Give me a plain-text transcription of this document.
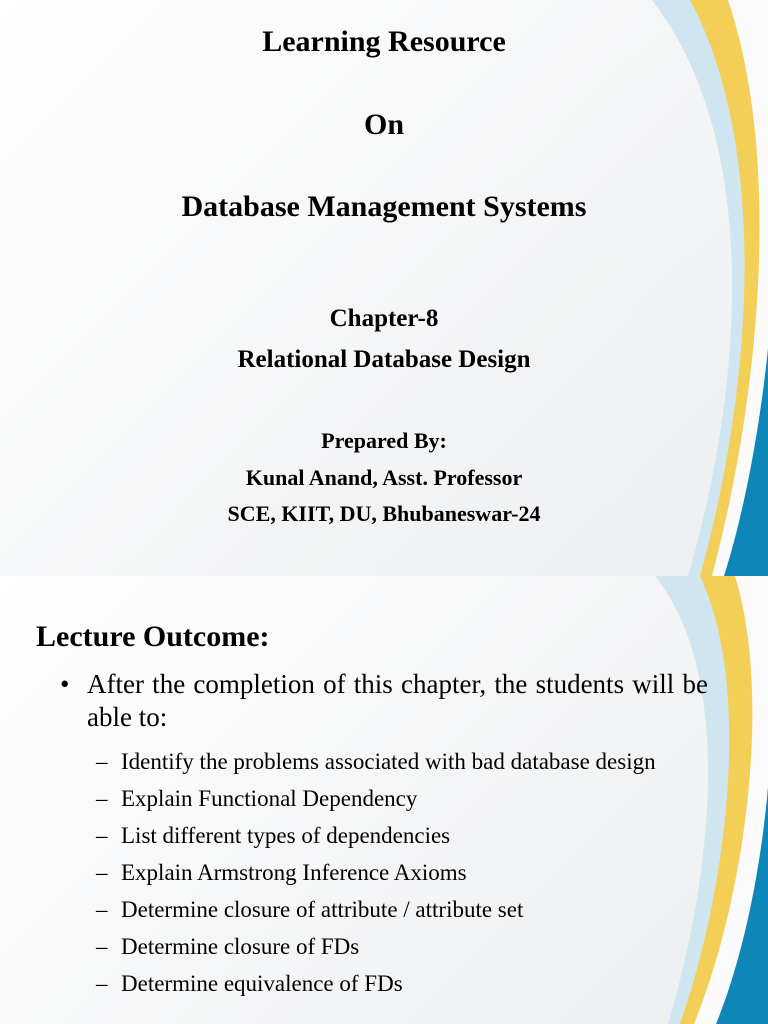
Learning Resource

On

Database Management Systems

Chapter-8

Relational Database Design

Prepared By:

Kunal Anand, Asst. Professor

SCE, KIIT, DU, Bhubaneswar-24

Lecture Outcome:
• After the completion of this chapter, the students will be able to:
– Identify the problems associated with bad database design
– Explain Functional Dependency
– List different types of dependencies
– Explain Armstrong Inference Axioms
– Determine closure of attribute / attribute set
– Determine closure of FDs
– Determine equivalence of FDs
